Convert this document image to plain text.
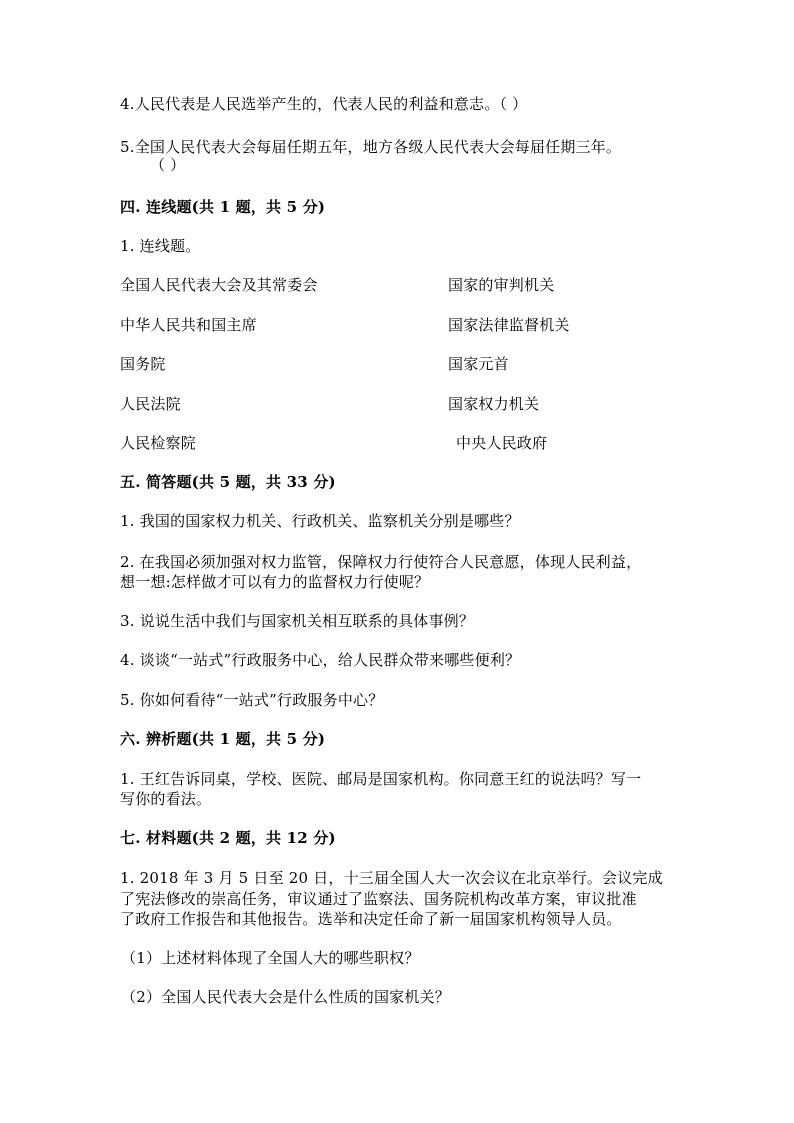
4.人民代表是人民选举产生的，代表人民的利益和意志。（ ）
5.全国人民代表大会每届任期五年，地方各级人民代表大会每届任期三年。
（ ）
四. 连线题(共 1 题，共 5 分)
1. 连线题。
全国人民代表大会及其常委会	国家的审判机关
中华人民共和国主席	国家法律监督机关
国务院	国家元首
人民法院	国家权力机关
人民检察院	中央人民政府
五. 简答题(共 5 题，共 33 分)
1. 我国的国家权力机关、行政机关、监察机关分别是哪些？
2. 在我国必须加强对权力监管，保障权力行使符合人民意愿，体现人民利益，
想一想:怎样做才可以有力的监督权力行使呢？
3. 说说生活中我们与国家机关相互联系的具体事例？
4. 谈谈“一站式”行政服务中心，给人民群众带来哪些便利？
5. 你如何看待“一站式”行政服务中心？
六. 辨析题(共 1 题，共 5 分)
1. 王红告诉同桌，学校、医院、邮局是国家机构。你同意王红的说法吗？写一
写你的看法。
七. 材料题(共 2 题，共 12 分)
1. 2018 年 3 月 5 日至 20 日，十三届全国人大一次会议在北京举行。会议完成
了宪法修改的崇高任务，审议通过了监察法、国务院机构改革方案，审议批准
了政府工作报告和其他报告。选举和决定任命了新一届国家机构领导人员。
（1）上述材料体现了全国人大的哪些职权？
（2）全国人民代表大会是什么性质的国家机关？
